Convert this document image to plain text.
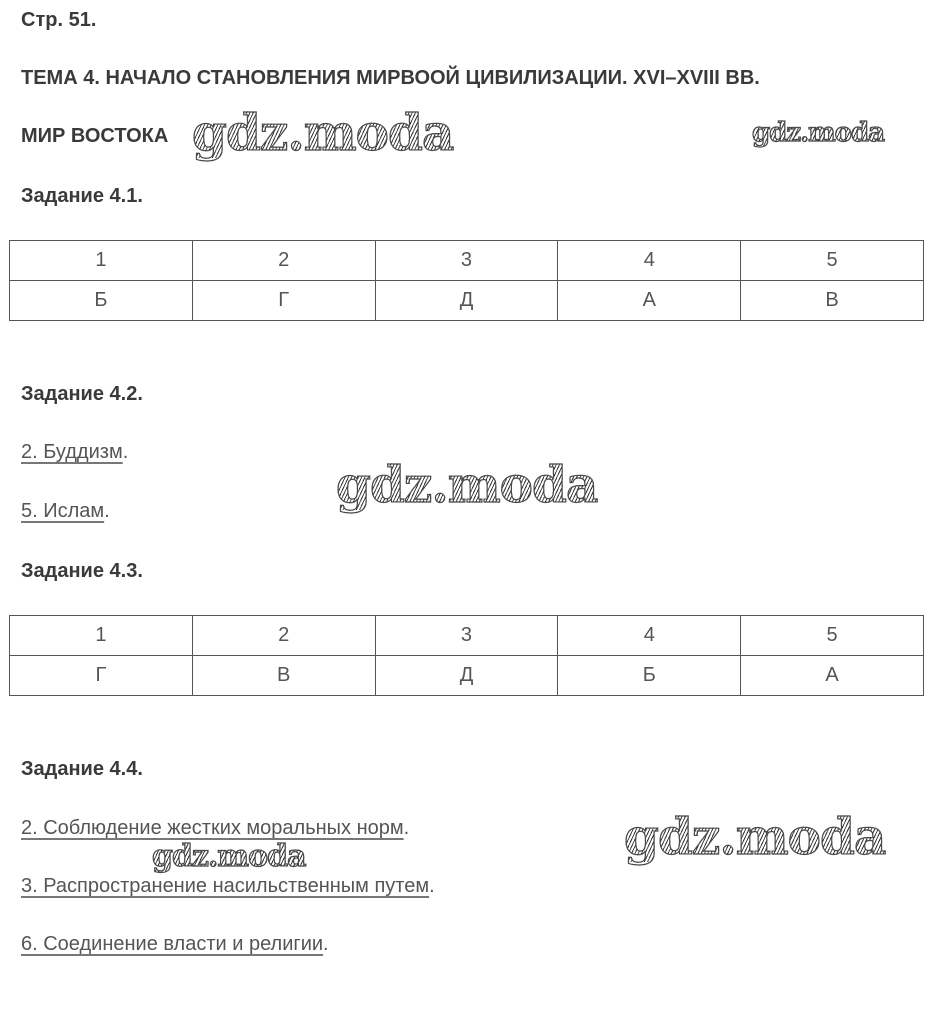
Стр. 51.
ТЕМА 4. НАЧАЛО СТАНОВЛЕНИЯ МИРВООЙ ЦИВИЛИЗАЦИИ. XVI–XVIII ВВ.
МИР ВОСТОКА
Задание 4.1.
1	2	3	4	5
Б	Г	Д	А	В
Задание 4.2.
2. Буддизм.
5. Ислам.
Задание 4.3.
1	2	3	4	5
Г	В	Д	Б	А
Задание 4.4.
2. Соблюдение жестких моральных норм.
3. Распространение насильственным путем.
6. Соединение власти и религии.
gdz.moda	gdz.moda
gdz.moda
gdz.moda
gdz.moda
